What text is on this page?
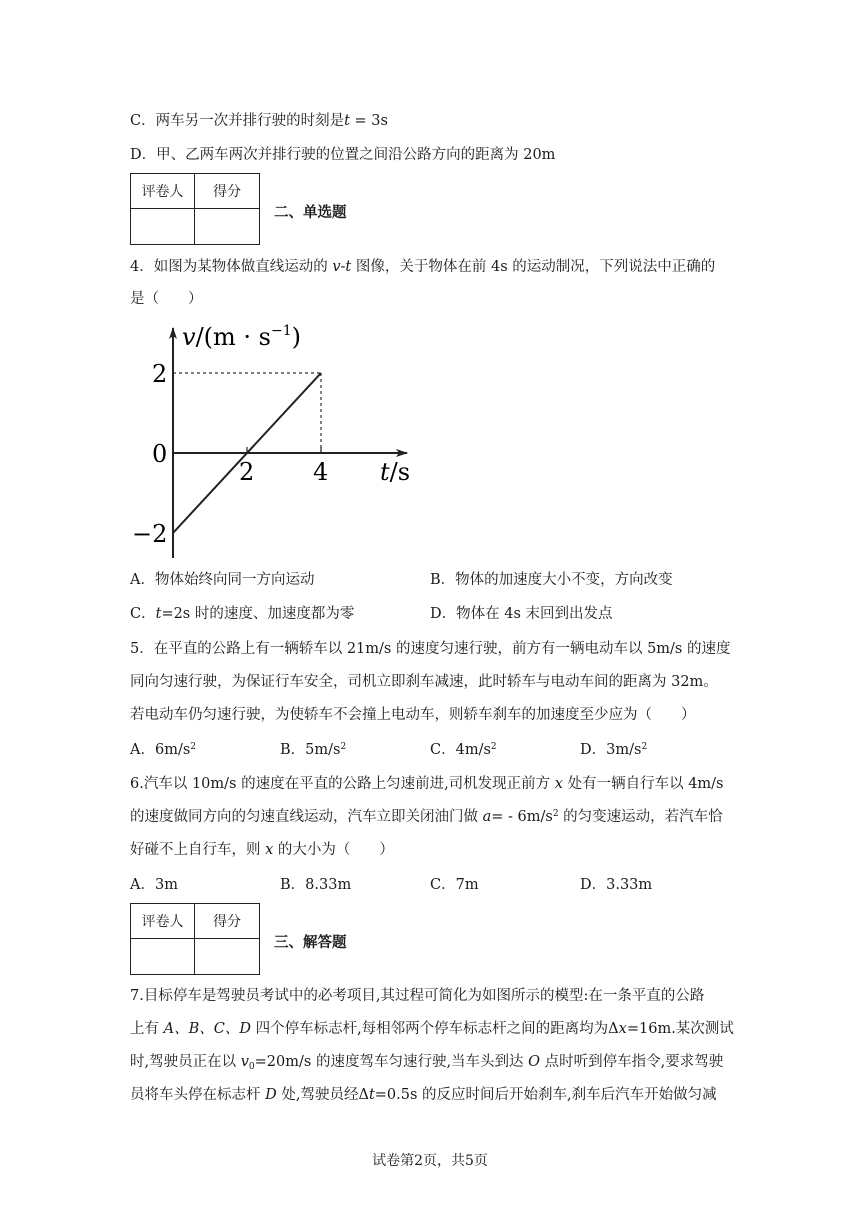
C．两车另一次并排行驶的时刻是t = 3s
D．甲、乙两车两次并排行驶的位置之间沿公路方向的距离为 20m
评卷人	得分
二、单选题
4．如图为某物体做直线运动的 v-t 图像，关于物体在前 4s 的运动制况，下列说法中正确的
是（　　）
$v/(m \cdot s^{-1})$
2
0
−2
2 4 t/s
A．物体始终向同一方向运动	B．物体的加速度大小不变，方向改变
C．t=2s 时的速度、加速度都为零	D．物体在 4s 末回到出发点
5．在平直的公路上有一辆轿车以 21m/s 的速度匀速行驶，前方有一辆电动车以 5m/s 的速度
同向匀速行驶，为保证行车安全，司机立即刹车减速，此时轿车与电动车间的距离为 32m。
若电动车仍匀速行驶，为使轿车不会撞上电动车，则轿车刹车的加速度至少应为（　　）
A．$6m/s^2$	B．$5m/s^2$	C．$4m/s^2$	D．$3m/s^2$
6.汽车以 10m/s 的速度在平直的公路上匀速前进,司机发现正前方 x 处有一辆自行车以 4m/s
的速度做同方向的匀速直线运动，汽车立即关闭油门做 $a= - 6m/s^2$ 的匀变速运动，若汽车恰
好碰不上自行车，则 x 的大小为（　　）
A．3m	B．8.33m	C．7m	D．3.33m
评卷人	得分
三、解答题
7.目标停车是驾驶员考试中的必考项目,其过程可简化为如图所示的模型:在一条平直的公路
上有 A、B、C、D 四个停车标志杆,每相邻两个停车标志杆之间的距离均为Δx=16m.某次测试
时,驾驶员正在以 $v_0=20m/s$ 的速度驾车匀速行驶,当车头到达 O 点时听到停车指令,要求驾驶
员将车头停在标志杆 D 处,驾驶员经Δt=0.5s 的反应时间后开始刹车,刹车后汽车开始做匀减
试卷第2页，共5页
